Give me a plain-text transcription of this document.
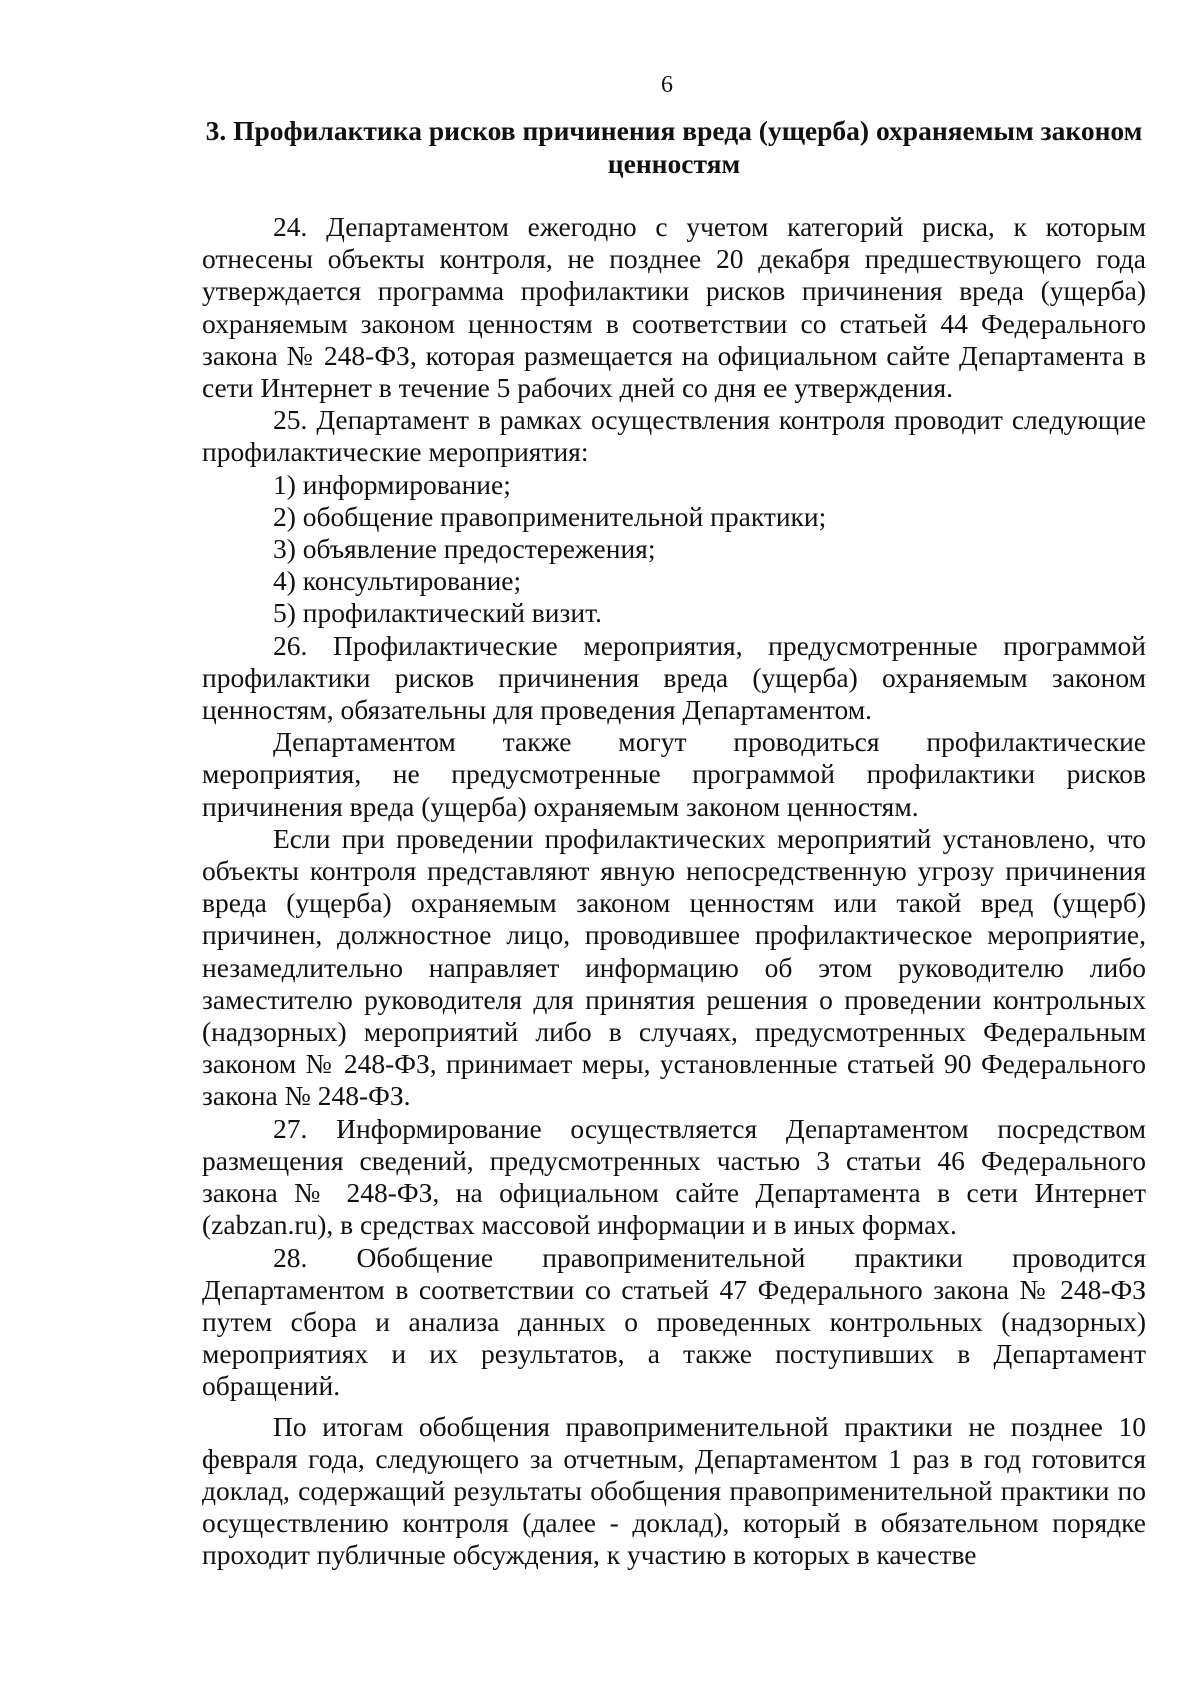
6
3. Профилактика рисков причинения вреда (ущерба) охраняемым законом ценностям

24. Департаментом ежегодно с учетом категорий риска, к которым отнесены объекты контроля, не позднее 20 декабря предшествующего года утверждается программа профилактики рисков причинения вреда (ущерба) охраняемым законом ценностям в соответствии со статьей 44 Федерального закона № 248-ФЗ, которая размещается на официальном сайте Департамента в сети Интернет в течение 5 рабочих дней со дня ее утверждения.

25. Департамент в рамках осуществления контроля проводит следующие профилактические мероприятия:

1) информирование;

2) обобщение правоприменительной практики;

3) объявление предостережения;

4) консультирование;

5) профилактический визит.

26. Профилактические мероприятия, предусмотренные программой профилактики рисков причинения вреда (ущерба) охраняемым законом ценностям, обязательны для проведения Департаментом.

Департаментом также могут проводиться профилактические мероприятия, не предусмотренные программой профилактики рисков причинения вреда (ущерба) охраняемым законом ценностям.

Если при проведении профилактических мероприятий установлено, что объекты контроля представляют явную непосредственную угрозу причинения вреда (ущерба) охраняемым законом ценностям или такой вред (ущерб) причинен, должностное лицо, проводившее профилактическое мероприятие, незамедлительно направляет информацию об этом руководителю либо заместителю руководителя для принятия решения о проведении контрольных (надзорных) мероприятий либо в случаях, предусмотренных Федеральным законом № 248-ФЗ, принимает меры, установленные статьей 90 Федерального закона № 248-ФЗ.

27. Информирование осуществляется Департаментом посредством размещения сведений, предусмотренных частью 3 статьи 46 Федерального закона № 248-ФЗ, на официальном сайте Департамента в сети Интернет (zabzan.ru), в средствах массовой информации и в иных формах.

28. Обобщение правоприменительной практики проводится Департаментом в соответствии со статьей 47 Федерального закона № 248-ФЗ путем сбора и анализа данных о проведенных контрольных (надзорных) мероприятиях и их результатов, а также поступивших в Департамент обращений.

По итогам обобщения правоприменительной практики не позднее 10 февраля года, следующего за отчетным, Департаментом 1 раз в год готовится доклад, содержащий результаты обобщения правоприменительной практики по осуществлению контроля (далее - доклад), который в обязательном порядке проходит публичные обсуждения, к участию в которых в качестве
